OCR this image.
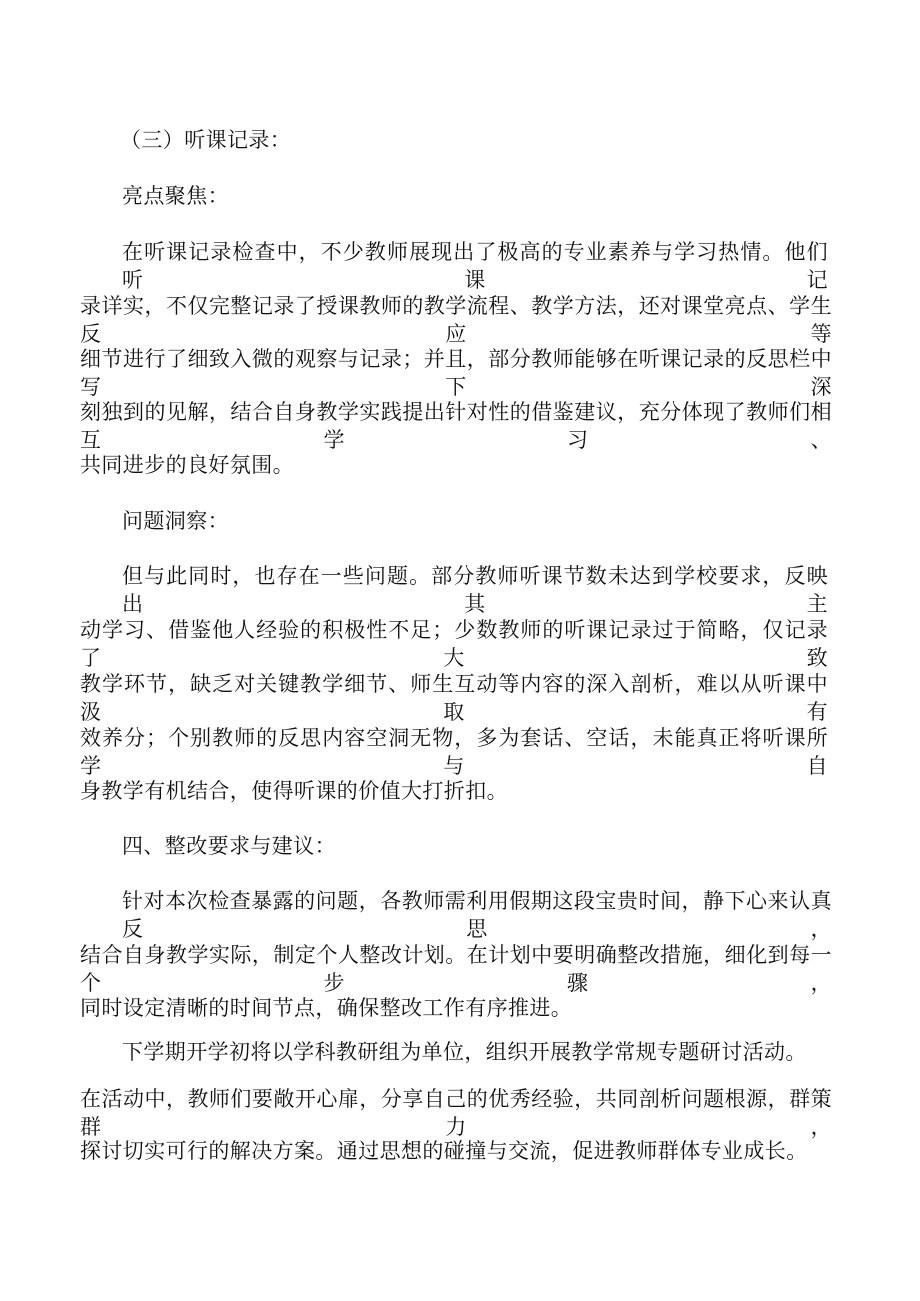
（三）听课记录：
亮点聚焦：
在听课记录检查中，不少教师展现出了极高的专业素养与学习热情。他们听课记
录详实，不仅完整记录了授课教师的教学流程、教学方法，还对课堂亮点、学生反应等
细节进行了细致入微的观察与记录；并且，部分教师能够在听课记录的反思栏中写下深
刻独到的见解，结合自身教学实践提出针对性的借鉴建议，充分体现了教师们相互学习、
共同进步的良好氛围。
问题洞察：
但与此同时，也存在一些问题。部分教师听课节数未达到学校要求，反映出其主
动学习、借鉴他人经验的积极性不足；少数教师的听课记录过于简略，仅记录了大致
教学环节，缺乏对关键教学细节、师生互动等内容的深入剖析，难以从听课中汲取有
效养分；个别教师的反思内容空洞无物，多为套话、空话，未能真正将听课所学与自
身教学有机结合，使得听课的价值大打折扣。
四、整改要求与建议：
针对本次检查暴露的问题，各教师需利用假期这段宝贵时间，静下心来认真反思，
结合自身教学实际，制定个人整改计划。在计划中要明确整改措施，细化到每一个步骤，
同时设定清晰的时间节点，确保整改工作有序推进。
下学期开学初将以学科教研组为单位，组织开展教学常规专题研讨活动。
在活动中，教师们要敞开心扉，分享自己的优秀经验，共同剖析问题根源，群策群力，
探讨切实可行的解决方案。通过思想的碰撞与交流，促进教师群体专业成长。
